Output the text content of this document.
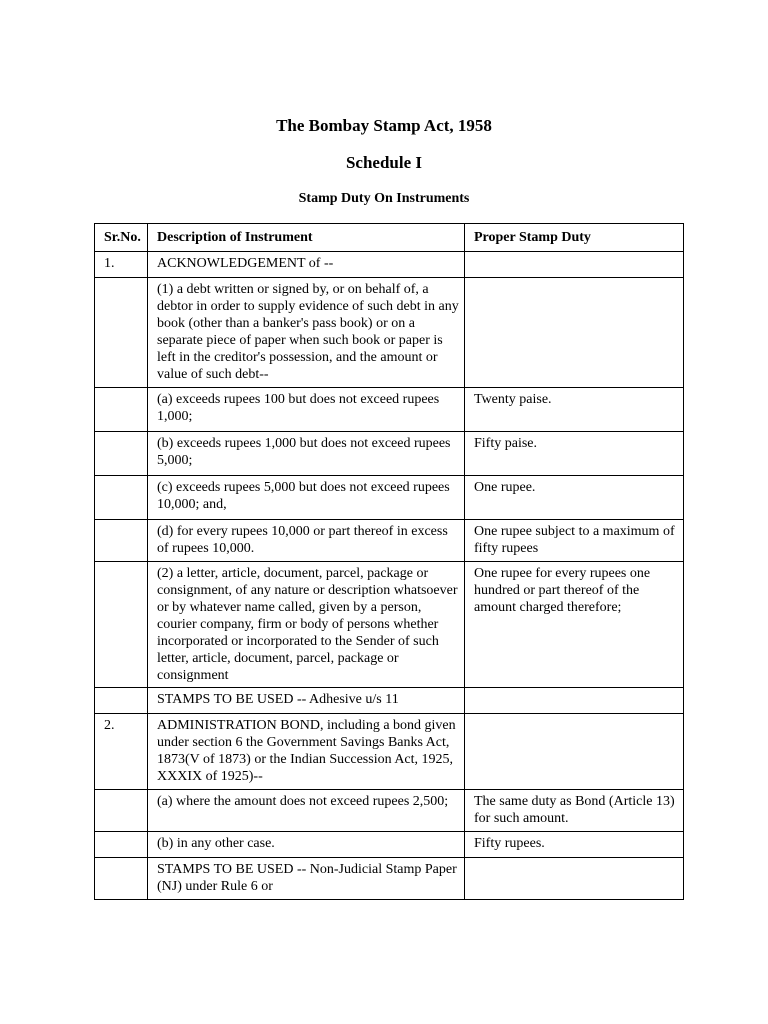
The Bombay Stamp Act, 1958
Schedule I
Stamp Duty On Instruments
Sr.No.	Description of Instrument	Proper Stamp Duty
1.	ACKNOWLEDGEMENT of --	
	(1) a debt written or signed by, or on behalf of, a debtor in order to supply evidence of such debt in any book (other than a banker's pass book) or on a separate piece of paper when such book or paper is left in the creditor's possession, and the amount or value of such debt--	
	(a) exceeds rupees 100 but does not exceed rupees 1,000;	Twenty paise.
	(b) exceeds rupees 1,000 but does not exceed rupees 5,000;	Fifty paise.
	(c) exceeds rupees 5,000 but does not exceed rupees 10,000; and,	One rupee.
	(d) for every rupees 10,000 or part thereof in excess of rupees 10,000.	One rupee subject to a maximum of fifty rupees
	(2) a letter, article, document, parcel, package or consignment, of any nature or description whatsoever or by whatever name called, given by a person, courier company, firm or body of persons whether incorporated or incorporated to the Sender of such letter, article, document, parcel, package or consignment	One rupee for every rupees one hundred or part thereof of the amount charged therefore;
	STAMPS TO BE USED -- Adhesive u/s 11	
2.	ADMINISTRATION BOND, including a bond given under section 6 the Government Savings Banks Act, 1873(V of 1873) or the Indian Succession Act, 1925, XXXIX of 1925)--	
	(a) where the amount does not exceed rupees 2,500;	The same duty as Bond (Article 13) for such amount.
	(b) in any other case.	Fifty rupees.
	STAMPS TO BE USED -- Non-Judicial Stamp Paper (NJ) under Rule 6 or	
